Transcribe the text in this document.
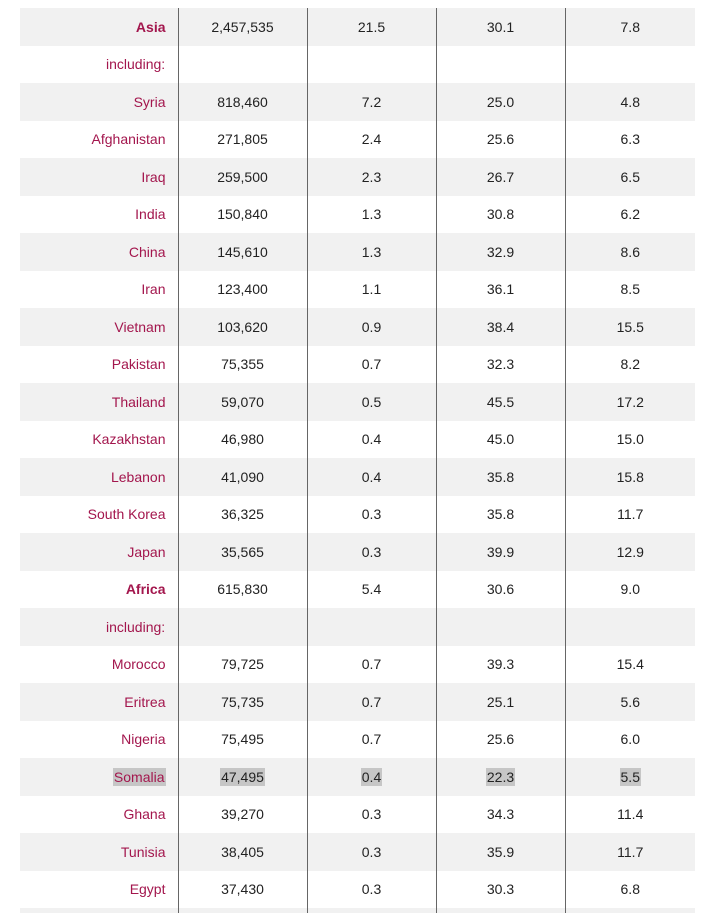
Asia	2,457,535	21.5	30.1	7.8
including:				
Syria	818,460	7.2	25.0	4.8
Afghanistan	271,805	2.4	25.6	6.3
Iraq	259,500	2.3	26.7	6.5
India	150,840	1.3	30.8	6.2
China	145,610	1.3	32.9	8.6
Iran	123,400	1.1	36.1	8.5
Vietnam	103,620	0.9	38.4	15.5
Pakistan	75,355	0.7	32.3	8.2
Thailand	59,070	0.5	45.5	17.2
Kazakhstan	46,980	0.4	45.0	15.0
Lebanon	41,090	0.4	35.8	15.8
South Korea	36,325	0.3	35.8	11.7
Japan	35,565	0.3	39.9	12.9
Africa	615,830	5.4	30.6	9.0
including:				
Morocco	79,725	0.7	39.3	15.4
Eritrea	75,735	0.7	25.1	5.6
Nigeria	75,495	0.7	25.6	6.0
Somalia	47,495	0.4	22.3	5.5
Ghana	39,270	0.3	34.3	11.4
Tunisia	38,405	0.3	35.9	11.7
Egypt	37,430	0.3	30.3	6.8
